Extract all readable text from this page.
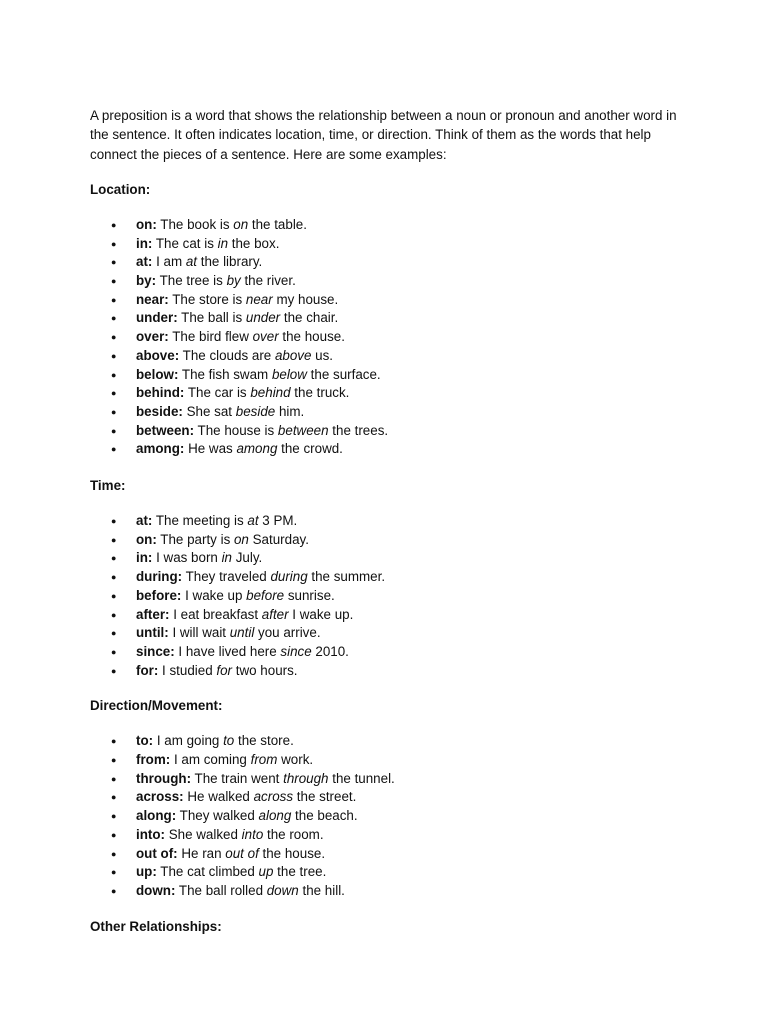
A preposition is a word that shows the relationship between a noun or pronoun and another word in the sentence. It often indicates location, time, or direction. Think of them as the words that help connect the pieces of a sentence. Here are some examples:

Location:
● on: The book is on the table.
● in: The cat is in the box.
● at: I am at the library.
● by: The tree is by the river.
● near: The store is near my house.
● under: The ball is under the chair.
● over: The bird flew over the house.
● above: The clouds are above us.
● below: The fish swam below the surface.
● behind: The car is behind the truck.
● beside: She sat beside him.
● between: The house is between the trees.
● among: He was among the crowd.
Time:
● at: The meeting is at 3 PM.
● on: The party is on Saturday.
● in: I was born in July.
● during: They traveled during the summer.
● before: I wake up before sunrise.
● after: I eat breakfast after I wake up.
● until: I will wait until you arrive.
● since: I have lived here since 2010.
● for: I studied for two hours.
Direction/Movement:
● to: I am going to the store.
● from: I am coming from work.
● through: The train went through the tunnel.
● across: He walked across the street.
● along: They walked along the beach.
● into: She walked into the room.
● out of: He ran out of the house.
● up: The cat climbed up the tree.
● down: The ball rolled down the hill.
Other Relationships:
